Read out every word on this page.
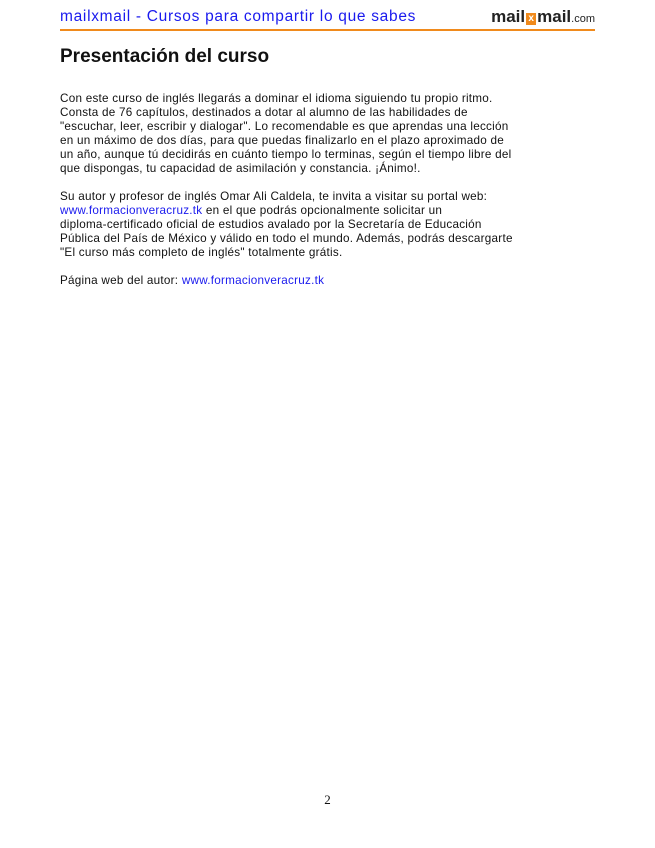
mailxmail - Cursos para compartir lo que sabes	mail x mail.com
Presentación del curso

Con este curso de inglés llegarás a dominar el idioma siguiendo tu propio ritmo.
Consta de 76 capítulos, destinados a dotar al alumno de las habilidades de
"escuchar, leer, escribir y dialogar". Lo recomendable es que aprendas una lección
en un máximo de dos días, para que puedas finalizarlo en el plazo aproximado de
un año, aunque tú decidirás en cuánto tiempo lo terminas, según el tiempo libre del
que dispongas, tu capacidad de asimilación y constancia. ¡Ánimo!.

Su autor y profesor de inglés Omar Ali Caldela, te invita a visitar su portal web:
www.formacionveracruz.tk en el que podrás opcionalmente solicitar un
diploma-certificado oficial de estudios avalado por la Secretaría de Educación
Pública del País de México y válido en todo el mundo. Además, podrás descargarte
"El curso más completo de inglés" totalmente grátis.

Página web del autor: www.formacionveracruz.tk

2
